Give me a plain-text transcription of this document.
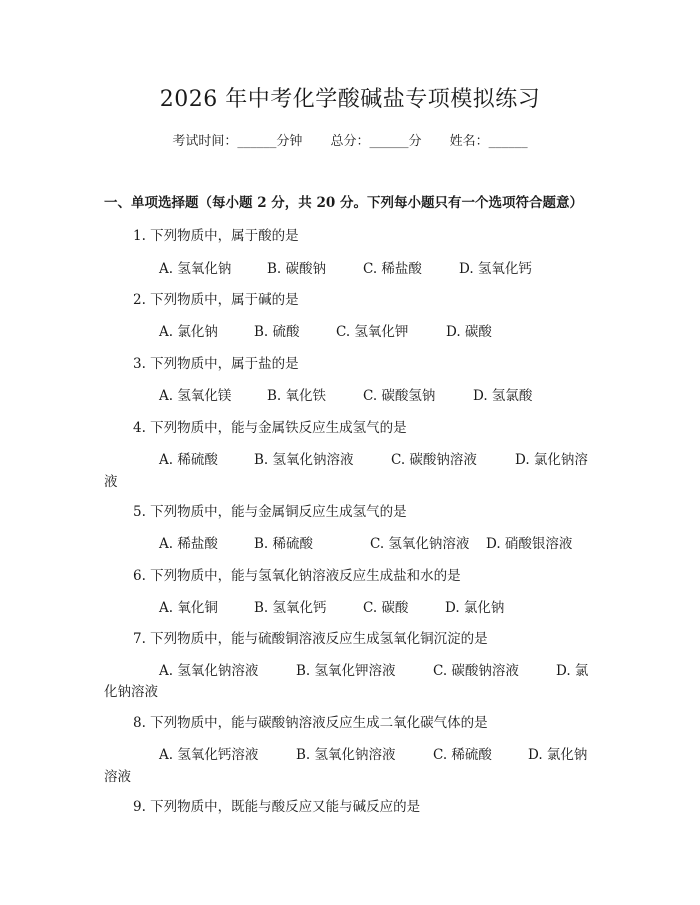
2026 年中考化学酸碱盐专项模拟练习
考试时间：______分钟 总分：______分 姓名：______
一、单项选择题（每小题 2 分，共 20 分。下列每小题只有一个选项符合题意）
1. 下列物质中，属于酸的是
A. 氢氧化钠	B. 碳酸钠	C. 稀盐酸	D. 氢氧化钙
2. 下列物质中，属于碱的是
A. 氯化钠	B. 硫酸	C. 氢氧化钾	D. 碳酸
3. 下列物质中，属于盐的是
A. 氢氧化镁	B. 氧化铁	C. 碳酸氢钠	D. 氢氯酸
4. 下列物质中，能与金属铁反应生成氢气的是
A. 稀硫酸	B. 氢氧化钠溶液	C. 碳酸钠溶液	D. 氯化钠溶
液
5. 下列物质中，能与金属铜反应生成氢气的是
A. 稀盐酸	B. 稀硫酸	C. 氢氧化钠溶液 D. 硝酸银溶液
6. 下列物质中，能与氢氧化钠溶液反应生成盐和水的是
A. 氧化铜	B. 氢氧化钙	C. 碳酸	D. 氯化钠
7. 下列物质中，能与硫酸铜溶液反应生成氢氧化铜沉淀的是
A. 氢氧化钠溶液	B. 氢氧化钾溶液	C. 碳酸钠溶液	D. 氯
化钠溶液
8. 下列物质中，能与碳酸钠溶液反应生成二氧化碳气体的是
A. 氢氧化钙溶液	B. 氢氧化钠溶液	C. 稀硫酸	D. 氯化钠
溶液
9. 下列物质中，既能与酸反应又能与碱反应的是
